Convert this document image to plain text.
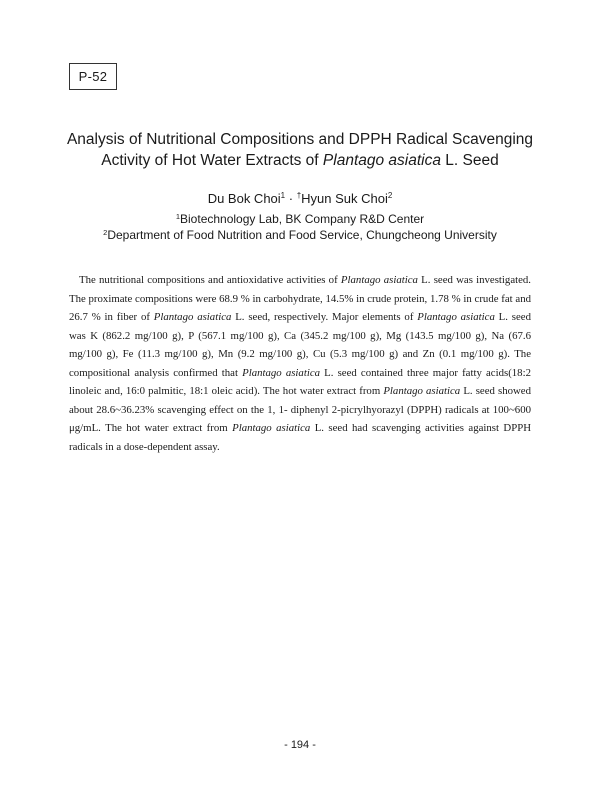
P-52
Analysis of Nutritional Compositions and DPPH Radical Scavenging
Activity of Hot Water Extracts of Plantago asiatica L. Seed
Du Bok Choi$^1$ · †Hyun Suk Choi$^2$
$^1$Biotechnology Lab, BK Company R&D Center
$^2$Department of Food Nutrition and Food Service, Chungcheong University

The nutritional compositions and antioxidative activities of Plantago asiatica L. seed was investigated. The proximate compositions were 68.9 % in carbohydrate, 14.5% in crude protein, 1.78 % in crude fat and 26.7 % in fiber of Plantago asiatica L. seed, respectively. Major elements of Plantago asiatica L. seed was K (862.2 mg/100 g), P (567.1 mg/100 g), Ca (345.2 mg/100 g), Mg (143.5 mg/100 g), Na (67.6 mg/100 g), Fe (11.3 mg/100 g), Mn (9.2 mg/100 g), Cu (5.3 mg/100 g) and Zn (0.1 mg/100 g). The compositional analysis confirmed that Plantago asiatica L. seed contained three major fatty acids(18:2 linoleic and, 16:0 palmitic, 18:1 oleic acid). The hot water extract from Plantago asiatica L. seed showed about 28.6~36.23% scavenging effect on the 1, 1- diphenyl 2-picrylhyorazyl (DPPH) radicals at 100~600 μg/mL. The hot water extract from Plantago asiatica L. seed had scavenging activities against DPPH radicals in a dose-dependent assay.

- 194 -
